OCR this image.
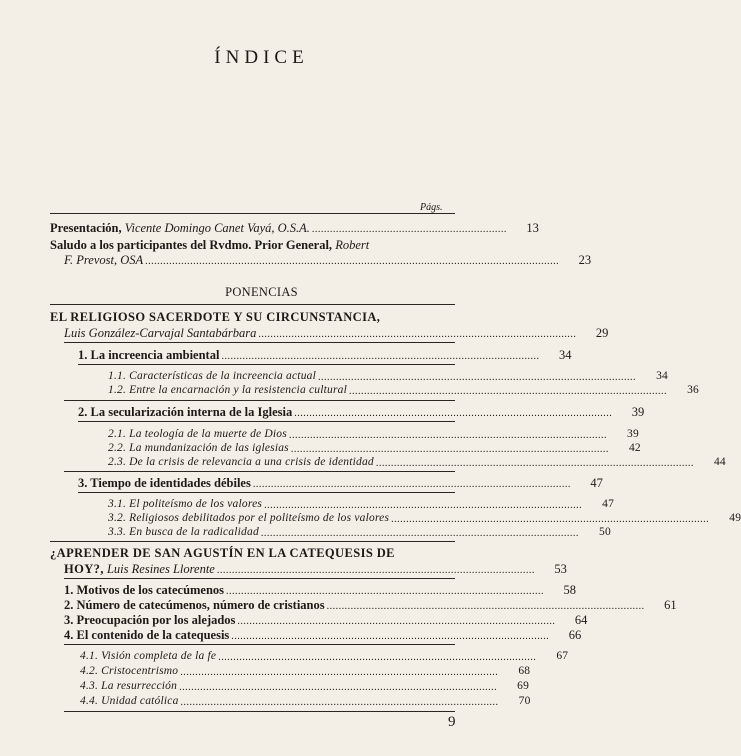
ÍNDICE
Págs.
Presentación, Vicente Domingo Canet Vayá, O.S.A. .................................................................	13
Saludo a los participantes del Rvdmo. Prior General, Robert
F. Prevost, OSA ..........................................................................................................................................	23
PONENCIAS
EL RELIGIOSO SACERDOTE Y SU CIRCUNSTANCIA,
Luis González-Carvajal Santabárbara ..........................................................................................................	29
1. La increencia ambiental ..........................................................................................................	34
1.1. Características de la increencia actual ..........................................................................................................	34
1.2. Entre la encarnación y la resistencia cultural ..........................................................................................................	36
2. La secularización interna de la Iglesia ..........................................................................................................	39
2.1. La teología de la muerte de Dios ..........................................................................................................	39
2.2. La mundanización de las iglesias ..........................................................................................................	42
2.3. De la crisis de relevancia a una crisis de identidad ..........................................................................................................	44
3. Tiempo de identidades débiles ..........................................................................................................	47
3.1. El politeísmo de los valores ..........................................................................................................	47
3.2. Religiosos debilitados por el politeísmo de los valores ..........................................................................................................	49
3.3. En busca de la radicalidad ..........................................................................................................	50
¿APRENDER DE SAN AGUSTÍN EN LA CATEQUESIS DE
HOY?, Luis Resines Llorente ..........................................................................................................	53
1. Motivos de los catecúmenos ..........................................................................................................	58
2. Número de catecúmenos, número de cristianos ..........................................................................................................	61
3. Preocupación por los alejados ..........................................................................................................	64
4. El contenido de la catequesis ..........................................................................................................	66
4.1. Visión completa de la fe ..........................................................................................................	67
4.2. Cristocentrismo ..........................................................................................................	68
4.3. La resurrección ..........................................................................................................	69
4.4. Unidad católica ..........................................................................................................	70
9
